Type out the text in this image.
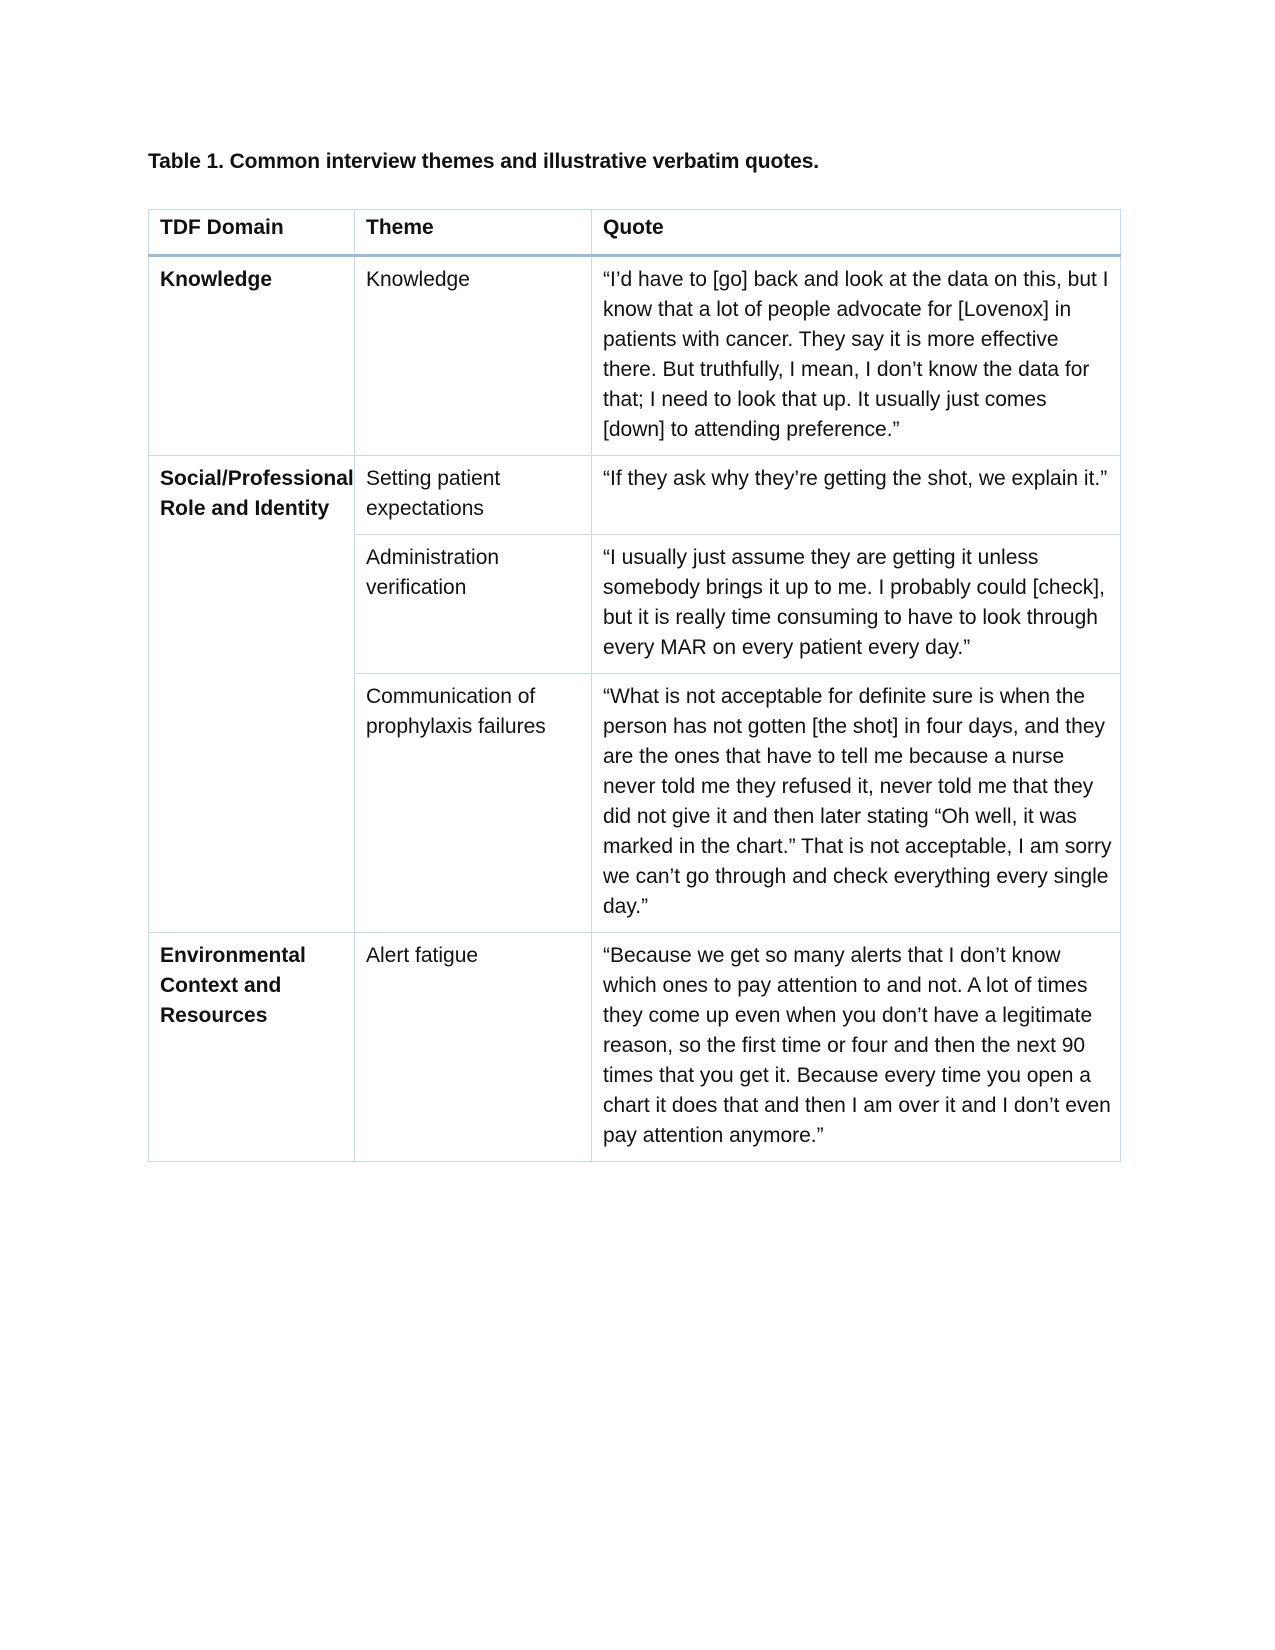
Table 1. Common interview themes and illustrative verbatim quotes.
TDF Domain	Theme	Quote
Knowledge	Knowledge	“I’d have to [go] back and look at the data on this, but I know that a lot of people advocate for [Lovenox] in patients with cancer. They say it is more effective there. But truthfully, I mean, I don’t know the data for that; I need to look that up. It usually just comes [down] to attending preference.”
Social/Professional Role and Identity	Setting patient expectations	“If they ask why they’re getting the shot, we explain it.”
	Administration verification	“I usually just assume they are getting it unless somebody brings it up to me. I probably could [check], but it is really time consuming to have to look through every MAR on every patient every day.”
	Communication of prophylaxis failures	“What is not acceptable for definite sure is when the person has not gotten [the shot] in four days, and they are the ones that have to tell me because a nurse never told me they refused it, never told me that they did not give it and then later stating “Oh well, it was marked in the chart.” That is not acceptable, I am sorry we can’t go through and check everything every single day.”
Environmental Context and Resources	Alert fatigue	“Because we get so many alerts that I don’t know which ones to pay attention to and not. A lot of times they come up even when you don’t have a legitimate reason, so the first time or four and then the next 90 times that you get it. Because every time you open a chart it does that and then I am over it and I don’t even pay attention anymore.”
